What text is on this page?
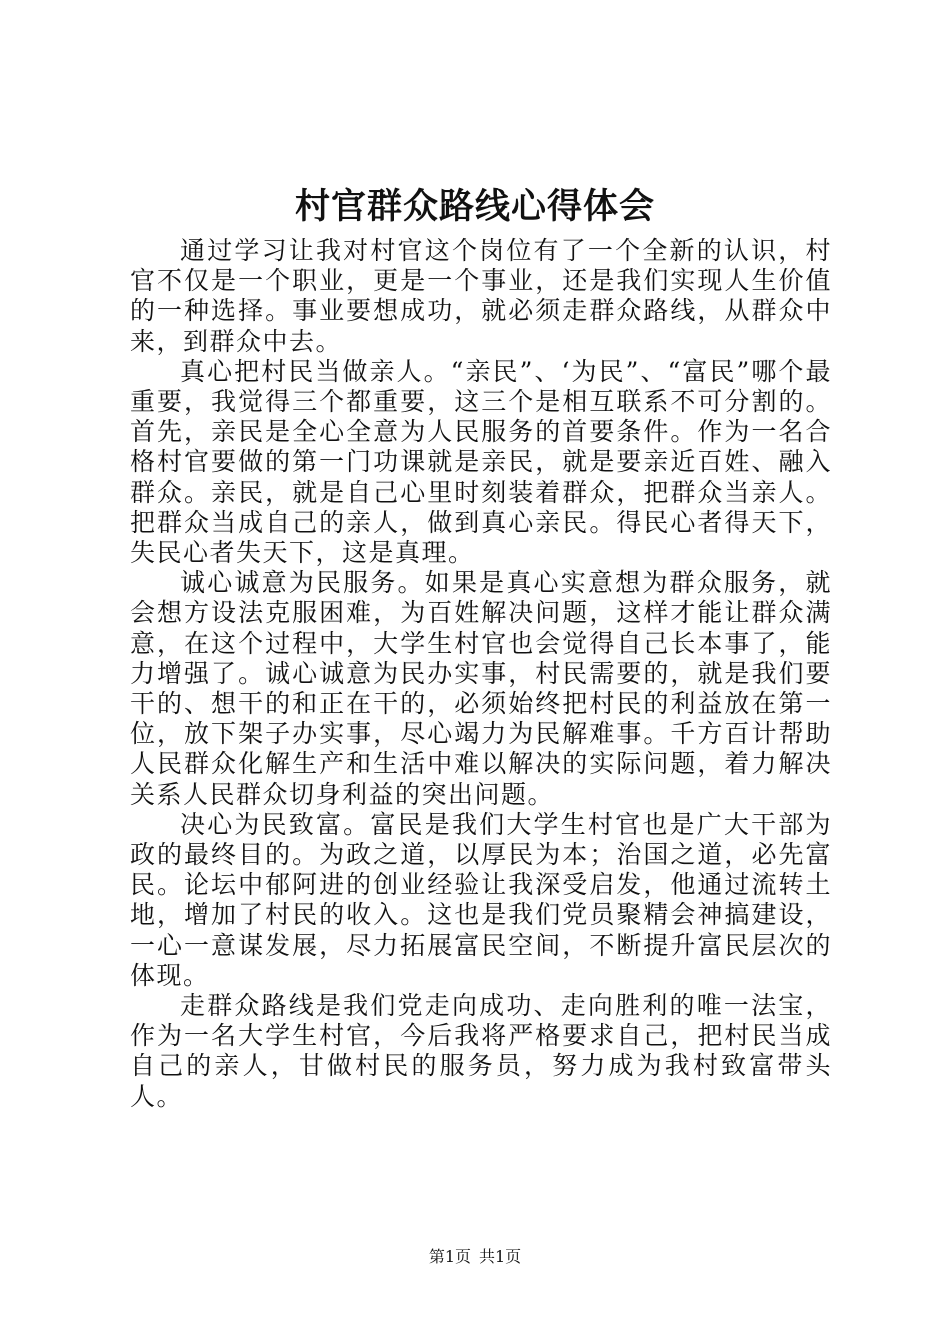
村官群众路线心得体会

通过学习让我对村官这个岗位有了一个全新的认识，村官不仅是一个职业，更是一个事业，还是我们实现人生价值的一种选择。事业要想成功，就必须走群众路线，从群众中来，到群众中去。

真心把村民当做亲人。“亲民”、‘为民”、“富民”哪个最重要，我觉得三个都重要，这三个是相互联系不可分割的。首先，亲民是全心全意为人民服务的首要条件。作为一名合格村官要做的第一门功课就是亲民，就是要亲近百姓、融入群众。亲民，就是自己心里时刻装着群众，把群众当亲人。把群众当成自己的亲人，做到真心亲民。得民心者得天下，失民心者失天下，这是真理。

诚心诚意为民服务。如果是真心实意想为群众服务，就会想方设法克服困难，为百姓解决问题，这样才能让群众满意，在这个过程中，大学生村官也会觉得自己长本事了，能力增强了。诚心诚意为民办实事，村民需要的，就是我们要干的、想干的和正在干的，必须始终把村民的利益放在第一位，放下架子办实事，尽心竭力为民解难事。千方百计帮助人民群众化解生产和生活中难以解决的实际问题，着力解决关系人民群众切身利益的突出问题。

决心为民致富。富民是我们大学生村官也是广大干部为政的最终目的。为政之道，以厚民为本；治国之道，必先富民。论坛中郁阿进的创业经验让我深受启发，他通过流转土地，增加了村民的收入。这也是我们党员聚精会神搞建设，一心一意谋发展，尽力拓展富民空间，不断提升富民层次的体现。

走群众路线是我们党走向成功、走向胜利的唯一法宝，作为一名大学生村官，今后我将严格要求自己，把村民当成自己的亲人，甘做村民的服务员，努力成为我村致富带头人。

第1页 共1页
